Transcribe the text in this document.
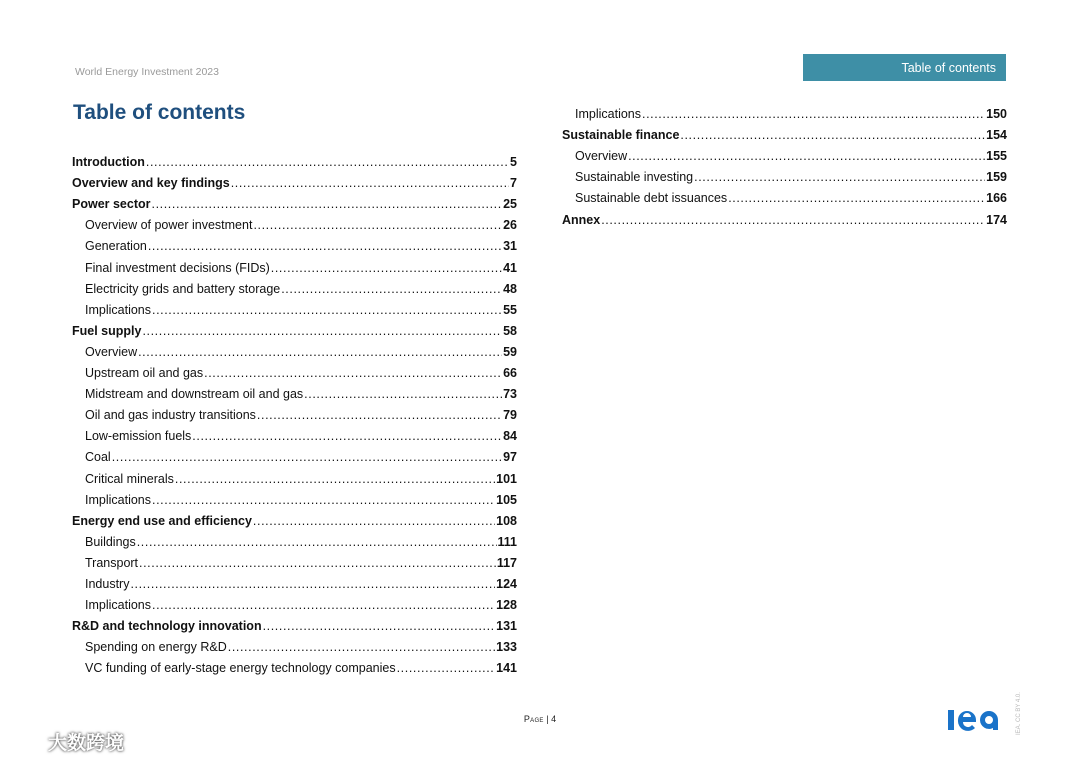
World Energy Investment 2023	Table of contents
Table of contents
Introduction .....	5
Overview and key findings .....	7
Power sector .....	25
Overview of power investment .....	26
Generation .....	31
Final investment decisions (FIDs) .....	41
Electricity grids and battery storage .....	48
Implications .....	55
Fuel supply .....	58
Overview .....	59
Upstream oil and gas .....	66
Midstream and downstream oil and gas .....	73
Oil and gas industry transitions .....	79
Low-emission fuels .....	84
Coal .....	97
Critical minerals .....	101
Implications .....	105
Energy end use and efficiency .....	108
Buildings .....	111
Transport .....	117
Industry .....	124
Implications .....	128
R&D and technology innovation .....	131
Spending on energy R&D .....	133
VC funding of early-stage energy technology companies .....	141
Implications .....	150
Sustainable finance .....	154
Overview .....	155
Sustainable investing .....	159
Sustainable debt issuances .....	166
Annex .....	174
Page | 4
iea	IEA. CC BY 4.0.
大数跨境
